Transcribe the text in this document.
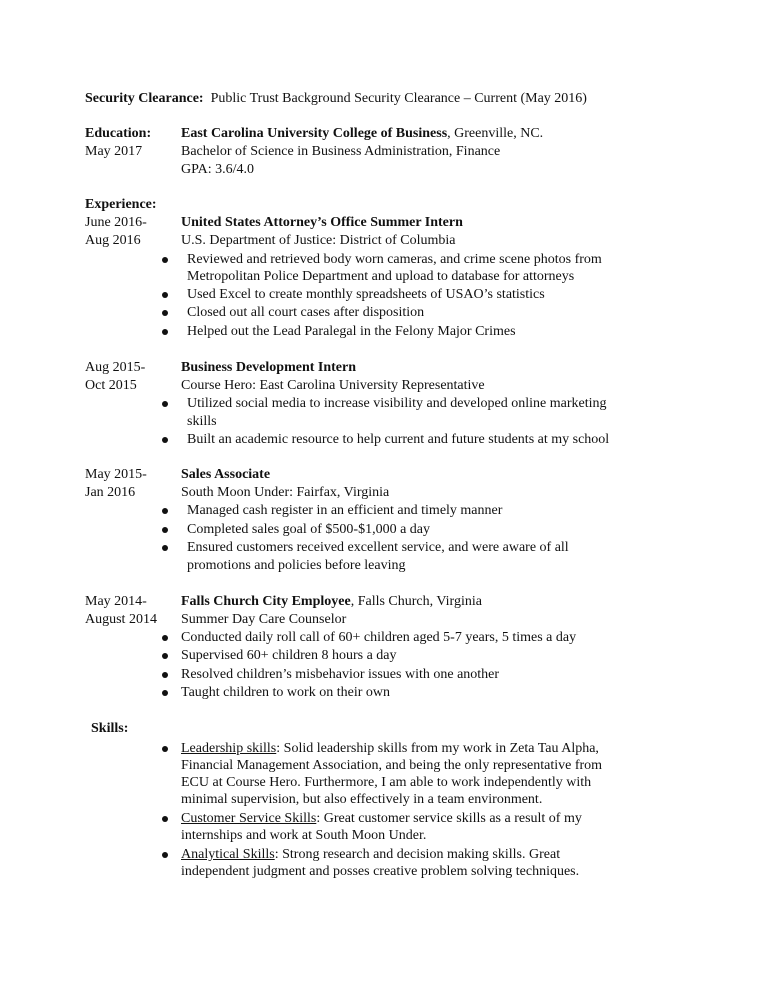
Security Clearance: Public Trust Background Security Clearance – Current (May 2016)
Education:
May 2017
East Carolina University College of Business, Greenville, NC.
Bachelor of Science in Business Administration, Finance
GPA: 3.6/4.0
Experience:
June 2016-
Aug 2016
United States Attorney’s Office Summer Intern
U.S. Department of Justice: District of Columbia
Reviewed and retrieved body worn cameras, and crime scene photos from
Metropolitan Police Department and upload to database for attorneys
Used Excel to create monthly spreadsheets of USAO’s statistics
Closed out all court cases after disposition
Helped out the Lead Paralegal in the Felony Major Crimes
Aug 2015-
Oct 2015
Business Development Intern
Course Hero: East Carolina University Representative
Utilized social media to increase visibility and developed online marketing
skills
Built an academic resource to help current and future students at my school
May 2015-
Jan 2016
Sales Associate
South Moon Under: Fairfax, Virginia
Managed cash register in an efficient and timely manner
Completed sales goal of $500-$1,000 a day
Ensured customers received excellent service, and were aware of all
promotions and policies before leaving
May 2014-
August 2014
Falls Church City Employee, Falls Church, Virginia
Summer Day Care Counselor
Conducted daily roll call of 60+ children aged 5-7 years, 5 times a day
Supervised 60+ children 8 hours a day
Resolved children’s misbehavior issues with one another
Taught children to work on their own
Skills:
Leadership skills: Solid leadership skills from my work in Zeta Tau Alpha,
Financial Management Association, and being the only representative from
ECU at Course Hero. Furthermore, I am able to work independently with
minimal supervision, but also effectively in a team environment.
Customer Service Skills: Great customer service skills as a result of my
internships and work at South Moon Under.
Analytical Skills: Strong research and decision making skills. Great
independent judgment and posses creative problem solving techniques.
